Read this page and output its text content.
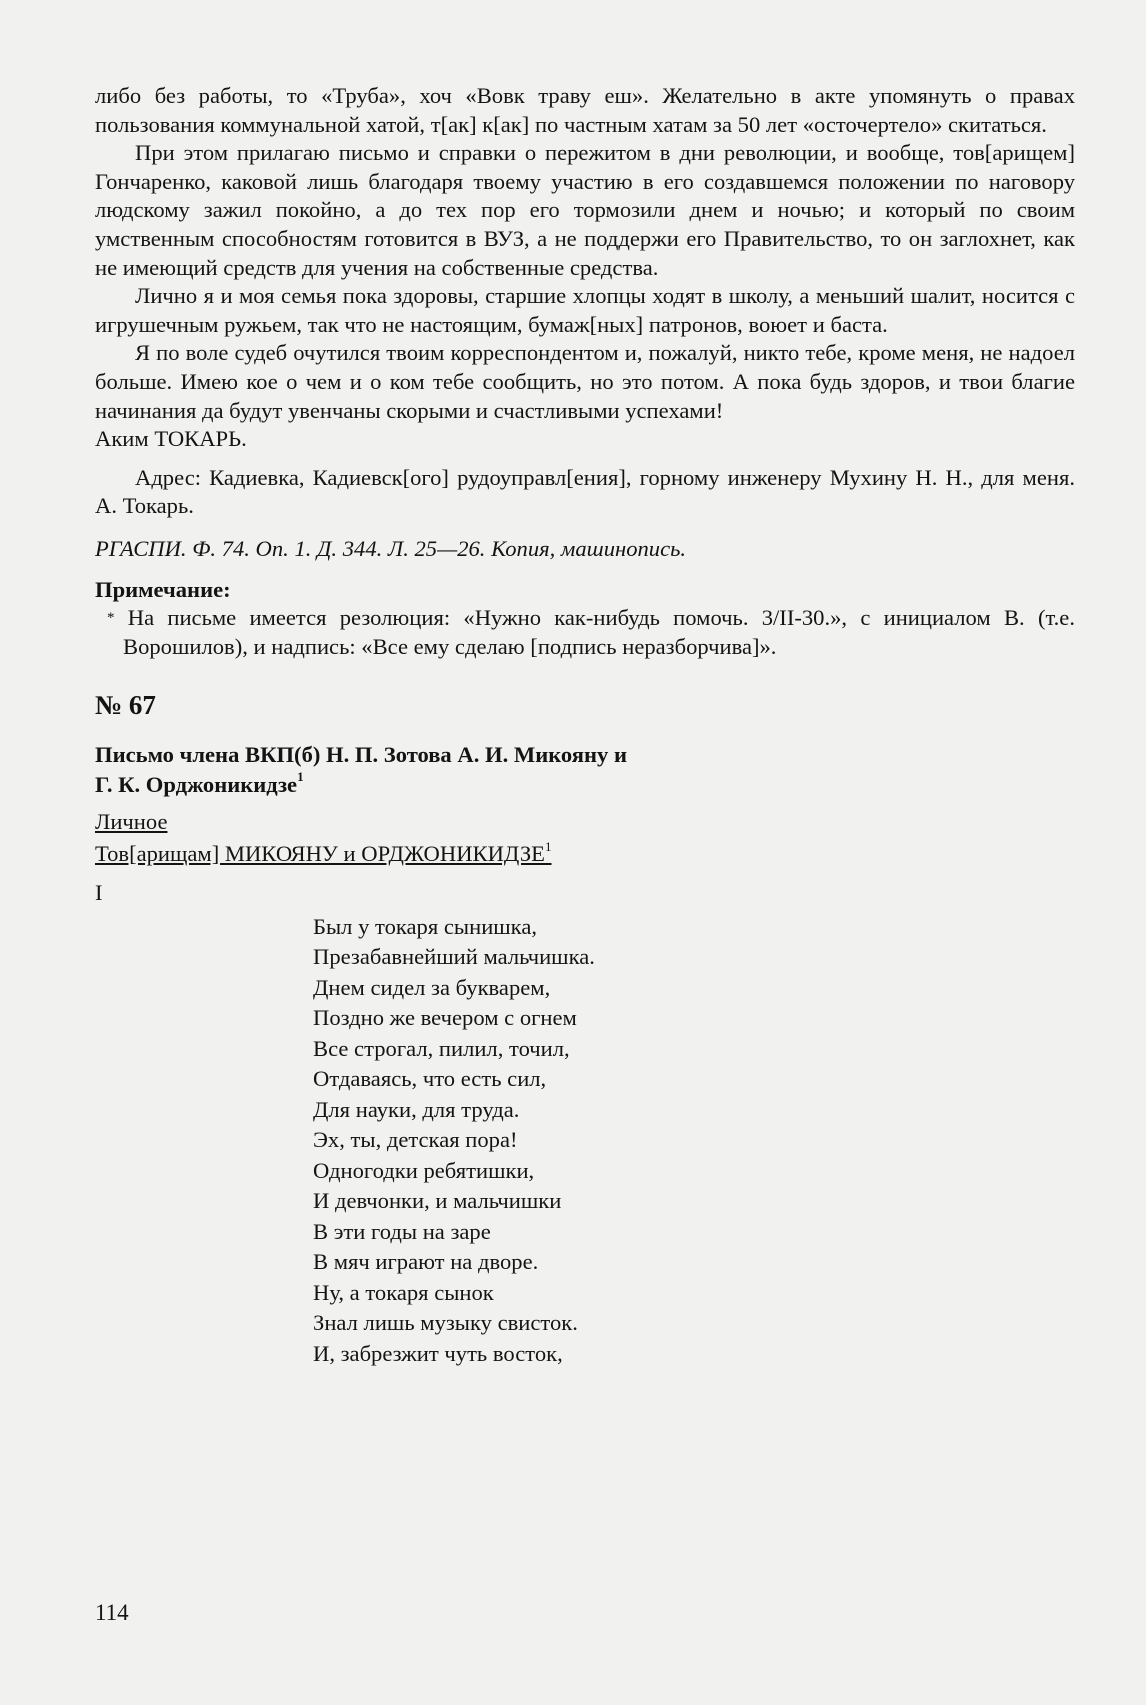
либо без работы, то «Труба», хоч «Вовк траву еш». Желательно в акте упомянуть о правах пользования коммунальной хатой, т[ак] к[ак] по частным хатам за 50 лет «осточертело» скитаться.

При этом прилагаю письмо и справки о пережитом в дни революции, и вообще, тов[арищем] Гончаренко, каковой лишь благодаря твоему участию в его создавшемся положении по наговору людскому зажил покойно, а до тех пор его тормозили днем и ночью; и который по своим умственным способностям готовится в ВУЗ, а не поддержи его Правительство, то он заглохнет, как не имеющий средств для учения на собственные средства.

Лично я и моя семья пока здоровы, старшие хлопцы ходят в школу, а меньший шалит, носится с игрушечным ружьем, так что не настоящим, бумаж[ных] патронов, воюет и баста.

Я по воле судеб очутился твоим корреспондентом и, пожалуй, никто тебе, кроме меня, не надоел больше. Имею кое о чем и о ком тебе сообщить, но это потом. А пока будь здоров, и твои благие начинания да будут увенчаны скорыми и счастливыми успехами!

Аким ТОКАРЬ.

Адрес: Кадиевка, Кадиевск[ого] рудоуправл[ения], горному инженеру Мухину Н. Н., для меня. А. Токарь.

РГАСПИ. Ф. 74. Оп. 1. Д. 344. Л. 25—26. Копия, машинопись.

Примечание:

* На письме имеется резолюция: «Нужно как-нибудь помочь. 3/II-30.», с инициалом В. (т.е. Ворошилов), и надпись: «Все ему сделаю [подпись неразборчива]».

№ 67

Письмо члена ВКП(б) Н. П. Зотова А. И. Микояну и
Г. К. Орджоникидзе$^1$

Личное

Тов[арищам] МИКОЯНУ и ОРДЖОНИКИДЗЕ$^1$

I

Был у токаря сынишка,
Презабавнейший мальчишка.
Днем сидел за букварем,
Поздно же вечером с огнем
Все строгал, пилил, точил,
Отдаваясь, что есть сил,
Для науки, для труда.
Эх, ты, детская пора!
Одногодки ребятишки,
И девчонки, и мальчишки
В эти годы на заре
В мяч играют на дворе.
Ну, а токаря сынок
Знал лишь музыку свисток.
И, забрезжит чуть восток,
114
